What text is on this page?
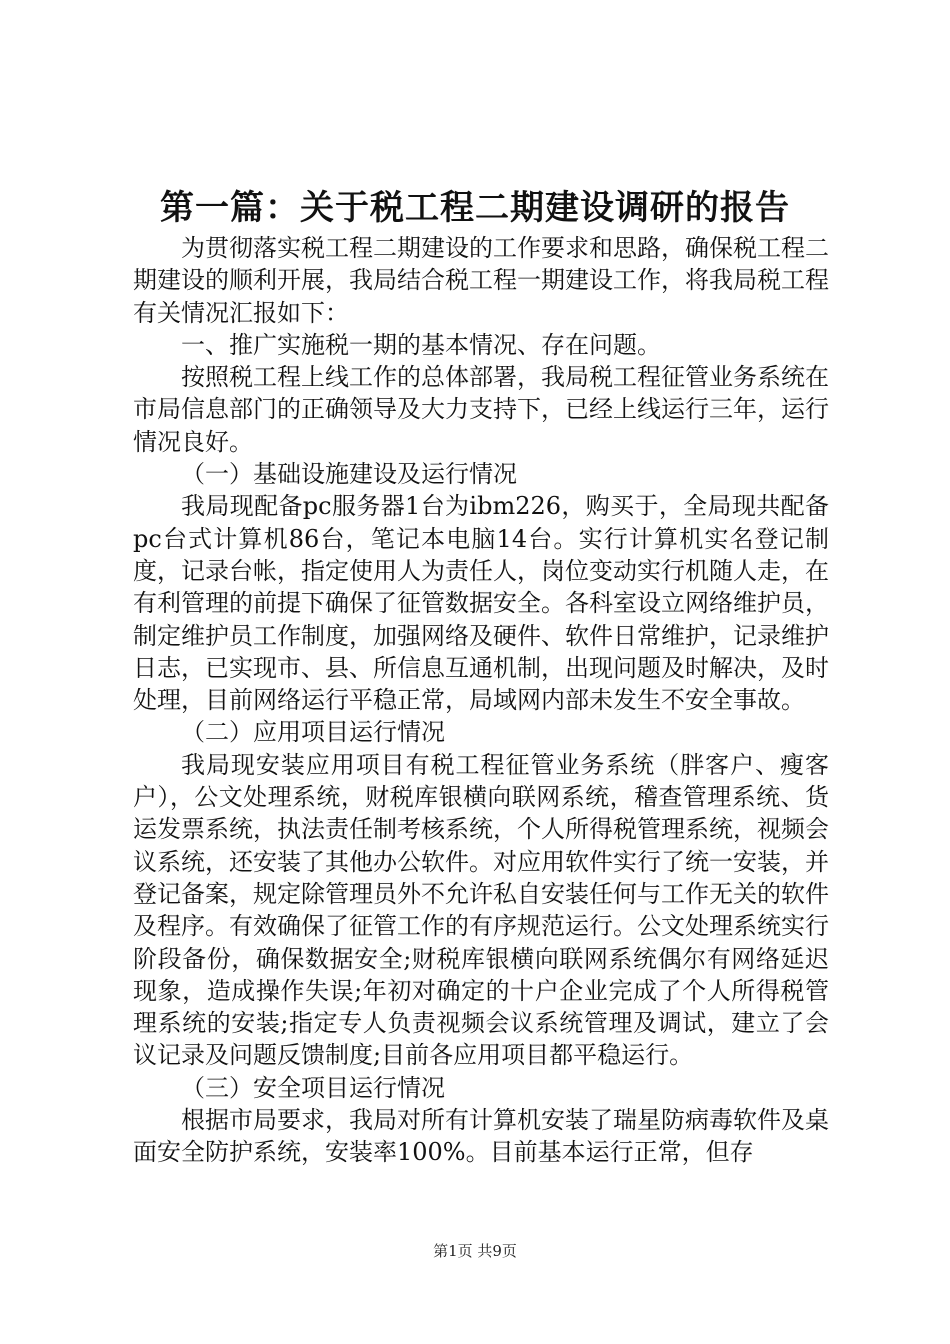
第一篇：关于税工程二期建设调研的报告

为贯彻落实税工程二期建设的工作要求和思路，确保税工程二期建设的顺利开展，我局结合税工程一期建设工作，将我局税工程有关情况汇报如下：

一、推广实施税一期的基本情况、存在问题。

按照税工程上线工作的总体部署，我局税工程征管业务系统在市局信息部门的正确领导及大力支持下，已经上线运行三年，运行情况良好。

（一）基础设施建设及运行情况

我局现配备pc服务器1台为ibm226，购买于，全局现共配备pc台式计算机86台，笔记本电脑14台。实行计算机实名登记制度，记录台帐，指定使用人为责任人，岗位变动实行机随人走，在有利管理的前提下确保了征管数据安全。各科室设立网络维护员，制定维护员工作制度，加强网络及硬件、软件日常维护，记录维护日志，已实现市、县、所信息互通机制，出现问题及时解决，及时处理，目前网络运行平稳正常，局域网内部未发生不安全事故。

（二）应用项目运行情况

我局现安装应用项目有税工程征管业务系统（胖客户、瘦客户），公文处理系统，财税库银横向联网系统，稽查管理系统、货运发票系统，执法责任制考核系统，个人所得税管理系统，视频会议系统，还安装了其他办公软件。对应用软件实行了统一安装，并登记备案，规定除管理员外不允许私自安装任何与工作无关的软件及程序。有效确保了征管工作的有序规范运行。公文处理系统实行阶段备份，确保数据安全;财税库银横向联网系统偶尔有网络延迟现象，造成操作失误;年初对确定的十户企业完成了个人所得税管理系统的安装;指定专人负责视频会议系统管理及调试，建立了会议记录及问题反馈制度;目前各应用项目都平稳运行。

（三）安全项目运行情况

根据市局要求，我局对所有计算机安装了瑞星防病毒软件及桌面安全防护系统，安装率100%。目前基本运行正常，但存

第1页 共9页
